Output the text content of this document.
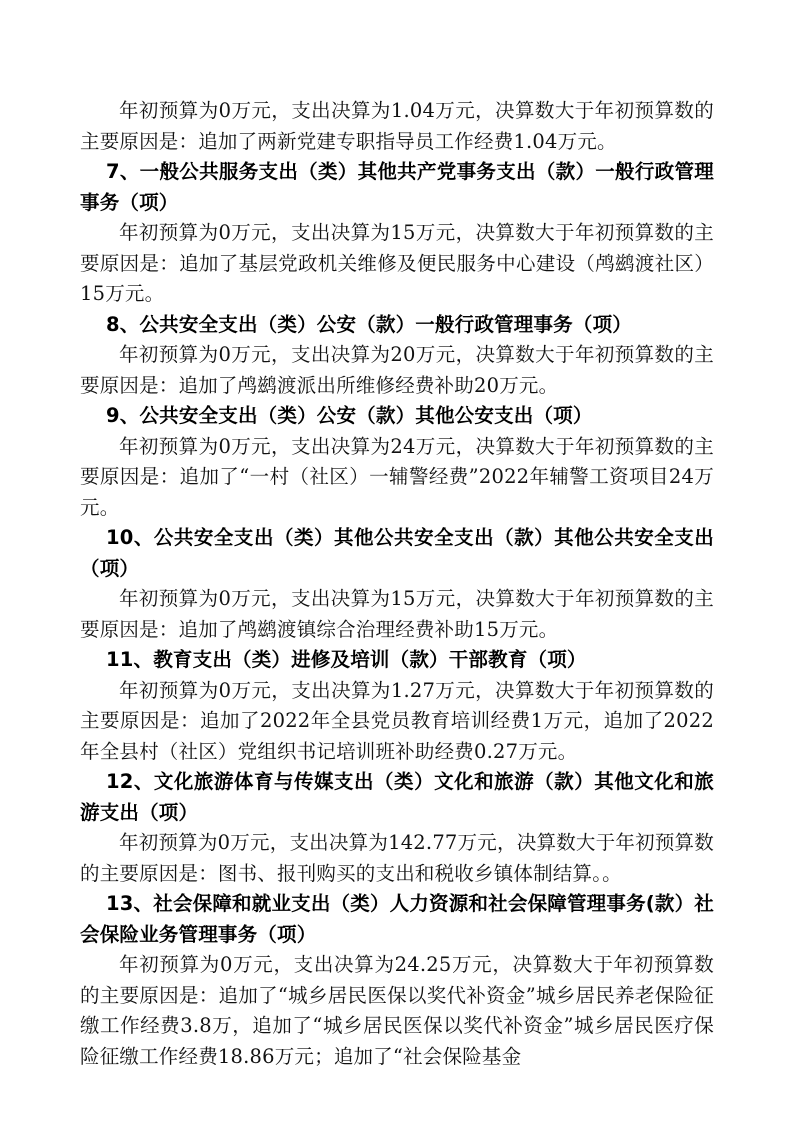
年初预算为0万元，支出决算为1.04万元，决算数大于年初预算数的主要原因是：追加了两新党建专职指导员工作经费1.04万元。

7、一般公共服务支出（类）其他共产党事务支出（款）一般行政管理事务（项）

年初预算为0万元，支出决算为15万元，决算数大于年初预算数的主要原因是：追加了基层党政机关维修及便民服务中心建设（鸬鹚渡社区）15万元。

8、公共安全支出（类）公安（款）一般行政管理事务（项）

年初预算为0万元，支出决算为20万元，决算数大于年初预算数的主要原因是：追加了鸬鹚渡派出所维修经费补助20万元。

9、公共安全支出（类）公安（款）其他公安支出（项）

年初预算为0万元，支出决算为24万元，决算数大于年初预算数的主要原因是：追加了“一村（社区）一辅警经费”2022年辅警工资项目24万元。

10、公共安全支出（类）其他公共安全支出（款）其他公共安全支出（项）

年初预算为0万元，支出决算为15万元，决算数大于年初预算数的主要原因是：追加了鸬鹚渡镇综合治理经费补助15万元。

11、教育支出（类）进修及培训（款）干部教育（项）

年初预算为0万元，支出决算为1.27万元，决算数大于年初预算数的主要原因是：追加了2022年全县党员教育培训经费1万元，追加了2022年全县村（社区）党组织书记培训班补助经费0.27万元。

12、文化旅游体育与传媒支出（类）文化和旅游（款）其他文化和旅游支出（项）

年初预算为0万元，支出决算为142.77万元，决算数大于年初预算数的主要原因是：图书、报刊购买的支出和税收乡镇体制结算。。

13、社会保障和就业支出（类）人力资源和社会保障管理事务(款）社会保险业务管理事务（项）

年初预算为0万元，支出决算为24.25万元，决算数大于年初预算数的主要原因是：追加了“城乡居民医保以奖代补资金”城乡居民养老保险征缴工作经费3.8万，追加了“城乡居民医保以奖代补资金”城乡居民医疗保险征缴工作经费18.86万元；追加了“社会保险基金
